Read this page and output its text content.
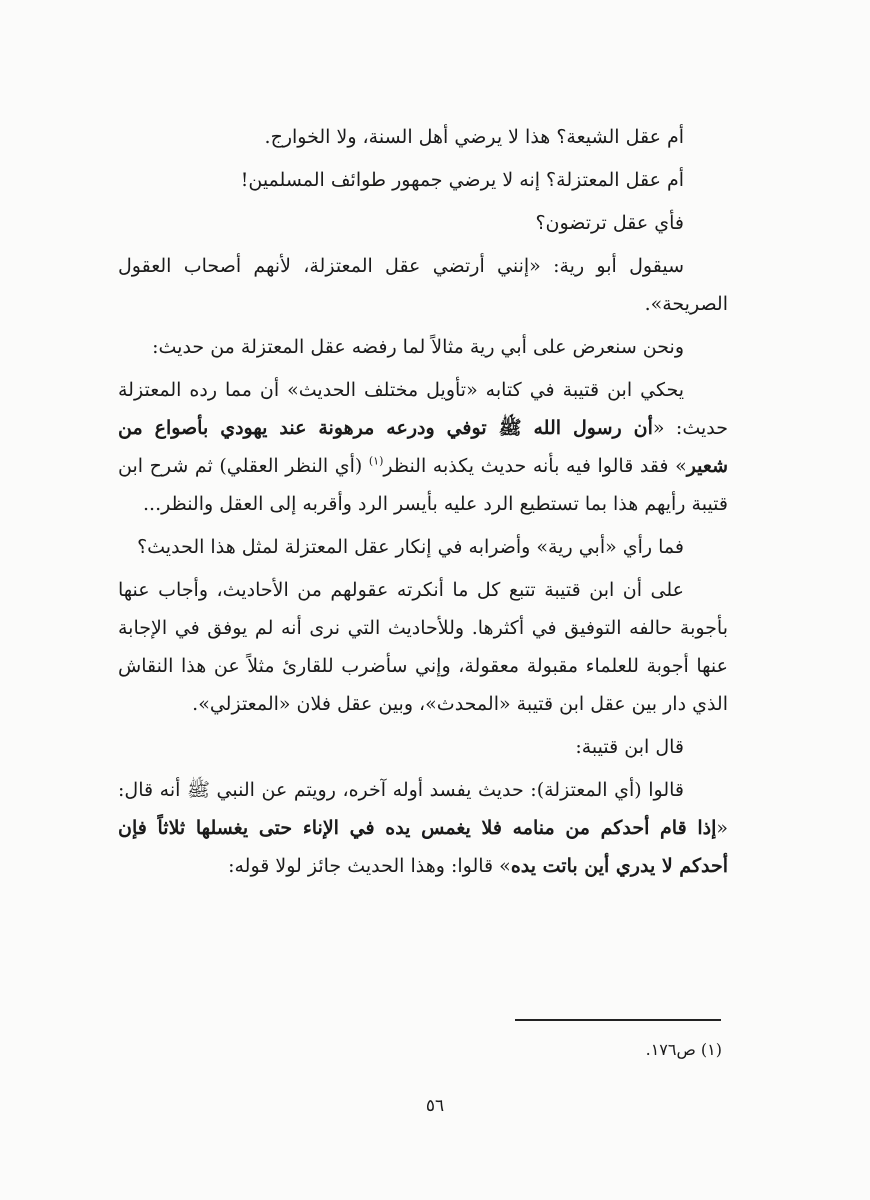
أم عقل الشيعة؟ هذا لا يرضي أهل السنة، ولا الخوارج.

أم عقل المعتزلة؟ إنه لا يرضي جمهور طوائف المسلمين!

فأي عقل ترتضون؟

سيقول أبو رية: «إنني أرتضي عقل المعتزلة، لأنهم أصحاب العقول الصريحة».

ونحن سنعرض على أبي رية مثالاً لما رفضه عقل المعتزلة من حديث:

يحكي ابن قتيبة في كتابه «تأويل مختلف الحديث» أن مما رده المعتزلة حديث: «أن رسول الله ﷺ توفي ودرعه مرهونة عند يهودي بأصواع من شعير» فقد قالوا فيه بأنه حديث يكذبه النظر$^{(١)}$ (أي النظر العقلي) ثم شرح ابن قتيبة رأيهم هذا بما تستطيع الرد عليه بأيسر الرد وأقربه إلى العقل والنظر...

فما رأي «أبي رية» وأضرابه في إنكار عقل المعتزلة لمثل هذا الحديث؟

على أن ابن قتيبة تتبع كل ما أنكرته عقولهم من الأحاديث، وأجاب عنها بأجوبة حالفه التوفيق في أكثرها. وللأحاديث التي نرى أنه لم يوفق في الإجابة عنها أجوبة للعلماء مقبولة معقولة، وإني سأضرب للقارئ مثلاً عن هذا النقاش الذي دار بين عقل ابن قتيبة «المحدث»، وبين عقل فلان «المعتزلي».

قال ابن قتيبة:

قالوا (أي المعتزلة): حديث يفسد أوله آخره، رويتم عن النبي ﷺ أنه قال: «إذا قام أحدكم من منامه فلا يغمس يده في الإناء حتى يغسلها ثلاثاً فإن أحدكم لا يدري أين باتت يده» قالوا: وهذا الحديث جائز لولا قوله:

(١) ص١٧٦.
٥٦
